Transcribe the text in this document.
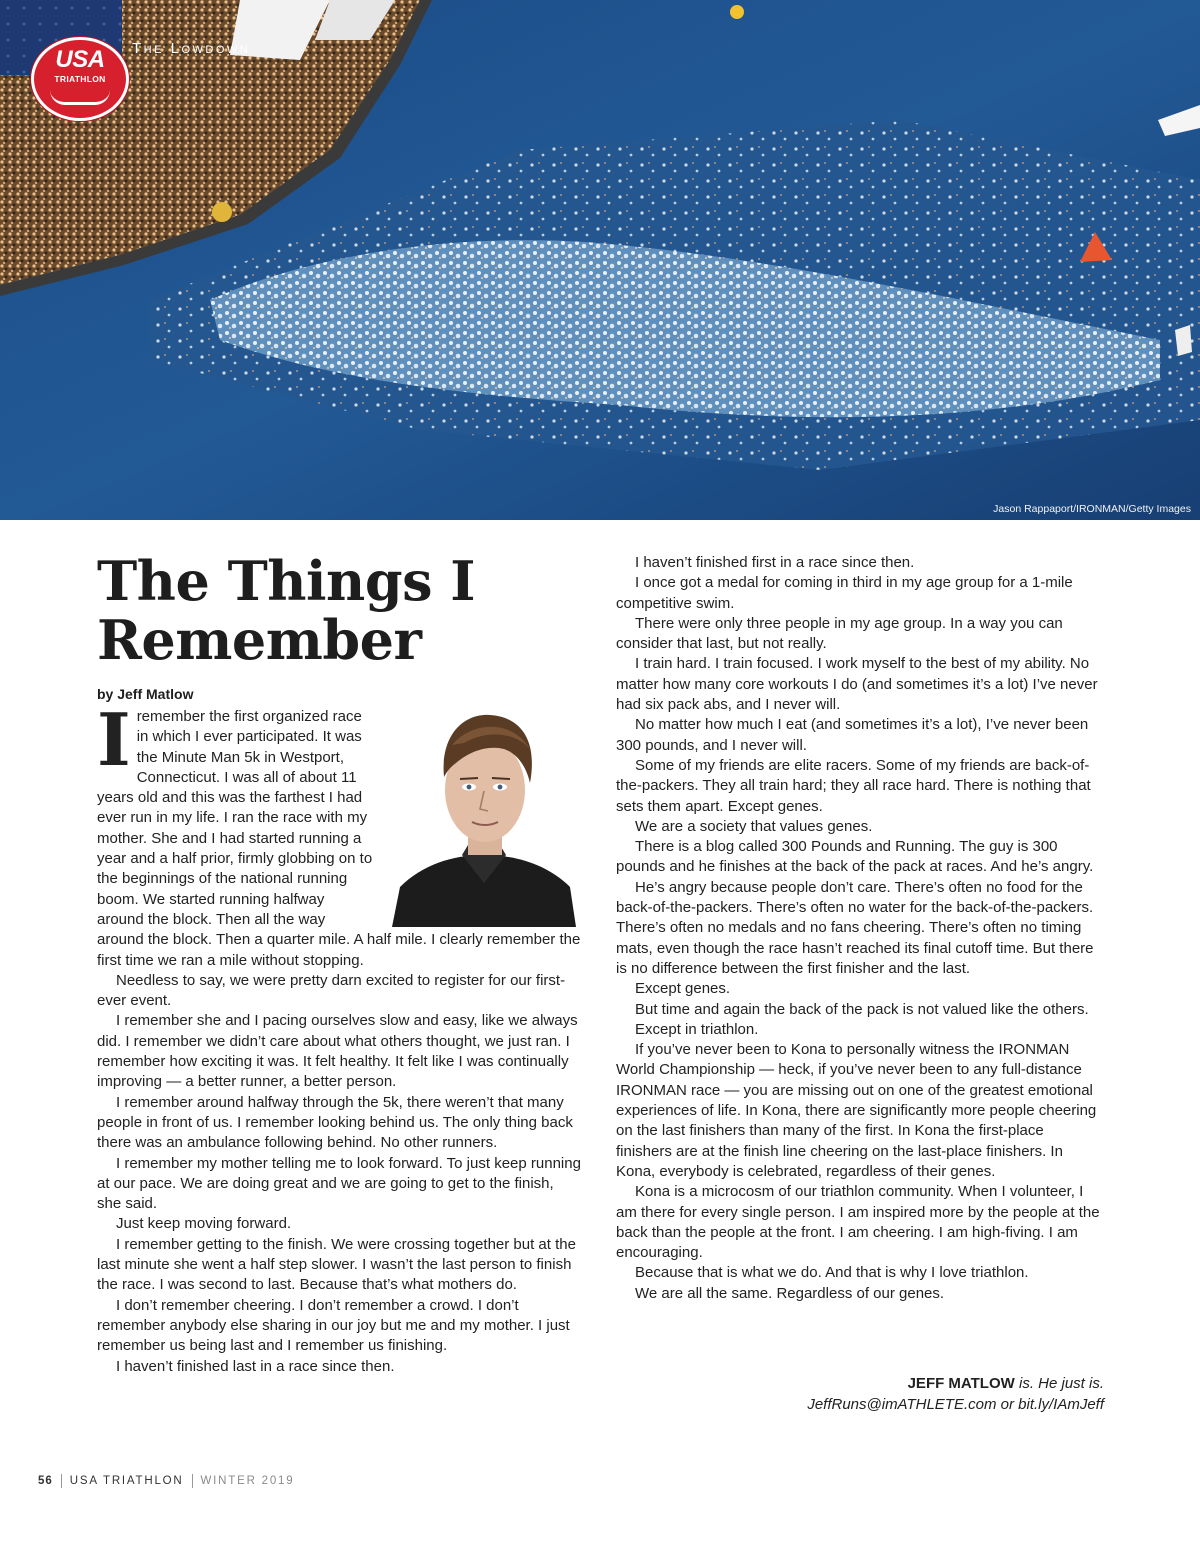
USA
TRIATHLON
The Lowdown
Jason Rappaport/IRONMAN/Getty Images
The Things I
Remember
by Jeff Matlow
I remember the first organized race in which I ever participated. It was the Minute Man 5k in Westport, Connecticut. I was all of about 11 years old and this was the farthest I had ever run in my life. I ran the race with my mother. She and I had started running a year and a half prior, firmly globbing on to the beginnings of the national running boom. We started running halfway around the block. Then all the way around the block. Then a quarter mile. A half mile. I clearly remember the first time we ran a mile without stopping.

Needless to say, we were pretty darn excited to register for our first-ever event.

I remember she and I pacing ourselves slow and easy, like we always did. I remember we didn’t care about what others thought, we just ran. I remember how exciting it was. It felt healthy. It felt like I was continually improving — a better runner, a better person.

I remember around halfway through the 5k, there weren’t that many people in front of us. I remember looking behind us. The only thing back there was an ambulance following behind. No other runners.

I remember my mother telling me to look forward. To just keep running at our pace. We are doing great and we are going to get to the finish, she said.

Just keep moving forward.

I remember getting to the finish. We were crossing together but at the last minute she went a half step slower. I wasn’t the last person to finish the race. I was second to last. Because that’s what mothers do.

I don’t remember cheering. I don’t remember a crowd. I don’t remember anybody else sharing in our joy but me and my mother. I just remember us being last and I remember us finishing.

I haven’t finished last in a race since then.

I haven’t finished first in a race since then.

I once got a medal for coming in third in my age group for a 1-mile competitive swim.

There were only three people in my age group. In a way you can consider that last, but not really.

I train hard. I train focused. I work myself to the best of my ability. No matter how many core workouts I do (and sometimes it’s a lot) I’ve never had six pack abs, and I never will.

No matter how much I eat (and sometimes it’s a lot), I’ve never been 300 pounds, and I never will.

Some of my friends are elite racers. Some of my friends are back-of-the-packers. They all train hard; they all race hard. There is nothing that sets them apart. Except genes.

We are a society that values genes.

There is a blog called 300 Pounds and Running. The guy is 300 pounds and he finishes at the back of the pack at races. And he’s angry.

He’s angry because people don’t care. There’s often no food for the back-of-the-packers. There’s often no water for the back-of-the-packers. There’s often no medals and no fans cheering. There’s often no timing mats, even though the race hasn’t reached its final cutoff time. But there is no difference between the first finisher and the last.

Except genes.

But time and again the back of the pack is not valued like the others.

Except in triathlon.

If you’ve never been to Kona to personally witness the IRONMAN World Championship — heck, if you’ve never been to any full-distance IRONMAN race — you are missing out on one of the greatest emotional experiences of life. In Kona, there are significantly more people cheering on the last finishers than many of the first. In Kona the first-place finishers are at the finish line cheering on the last-place finishers. In Kona, everybody is celebrated, regardless of their genes.

Kona is a microcosm of our triathlon community. When I volunteer, I am there for every single person. I am inspired more by the people at the back than the people at the front. I am cheering. I am high-fiving. I am encouraging.

Because that is what we do. And that is why I love triathlon.

We are all the same. Regardless of our genes.

JEFF MATLOW is. He just is.
JeffRuns@imATHLETE.com or bit.ly/IAmJeff
56 USA TRIATHLON WINTER 2019
